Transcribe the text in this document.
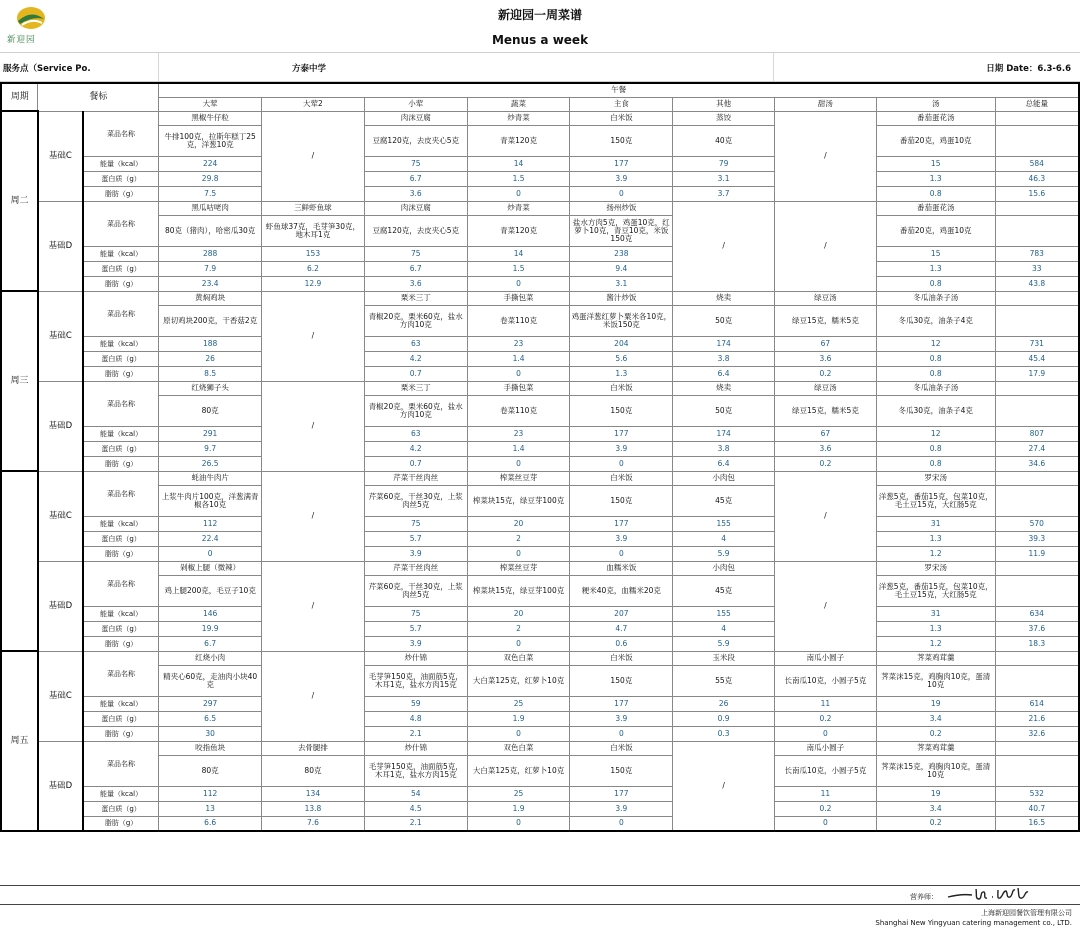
新迎园
新迎园一周菜谱
Menus a week
服务点（Service Po.	方泰中学	日期 Date：6.3-6.6
周期	餐标		午餐								
			大荤	大荤2	小荤	蔬菜	主食	其他	甜汤	汤	总能量
周二	基础C	菜品名称	黑椒牛仔粒	/	肉沫豆腐	炒青菜	白米饭	蒸饺	/	番茄蛋花汤	
			牛排100克，拉斯年糕丁25克，洋葱10克		豆腐120克，去皮夹心5克	青菜120克	150克	40克		番茄20克，鸡蛋10克	
		能量（kcal）	224		75	14	177	79		15	584
		蛋白质（g）	29.8		6.7	1.5	3.9	3.1		1.3	46.3
		脂肪（g）	7.5		3.6	0	0	3.7		0.8	15.6
	基础D	菜品名称	黑瓜咕咾肉	三鲜虾鱼球	肉沫豆腐	炒青菜	扬州炒饭	/	/	番茄蛋花汤	
			80克（猪肉），哈密瓜30克	虾鱼球37克，毛芽笋30克，地木耳1克	豆腐120克，去皮夹心5克	青菜120克	盐水方肉5克，鸡蛋10克，红萝卜10克，青豆10克，米饭150克			番茄20克，鸡蛋10克	
		能量（kcal）	288	153	75	14	238			15	783
		蛋白质（g）	7.9	6.2	6.7	1.5	9.4			1.3	33
		脂肪（g）	23.4	12.9	3.6	0	3.1			0.8	43.8
周三	基础C	菜品名称	黄焖鸡块	/	栗米三丁	手撕包菜	酱汁炒饭	烧卖	绿豆汤	冬瓜油条子汤	
			原切鸡块200克，干香菇2克		青椒20克，栗米60克，盐水方肉10克	卷菜110克	鸡蛋洋葱红萝卜粟米各10克，米饭150克	50克	绿豆15克，糯米5克	冬瓜30克，油条子4克	
		能量（kcal）	188		63	23	204	174	67	12	731
		蛋白质（g）	26		4.2	1.4	5.6	3.8	3.6	0.8	45.4
		脂肪（g）	8.5		0.7	0	1.3	6.4	0.2	0.8	17.9
	基础D	菜品名称	红烧狮子头	/	栗米三丁	手撕包菜	白米饭	烧卖	绿豆汤	冬瓜油条子汤	
			80克		青椒20克，栗米60克，盐水方肉10克	卷菜110克	150克	50克	绿豆15克，糯米5克	冬瓜30克，油条子4克	
		能量（kcal）	291		63	23	177	174	67	12	807
		蛋白质（g）	9.7		4.2	1.4	3.9	3.8	3.6	0.8	27.4
		脂肪（g）	26.5		0.7	0	0	6.4	0.2	0.8	34.6
	基础C	菜品名称	蚝油牛肉片	/	芹菜干丝肉丝	榨菜丝豆芽	白米饭	小肉包	/	罗宋汤	
			上浆牛肉片100克，洋葱满青椒各10克		芹菜60克，干丝30克，上浆肉丝5克	榨菜块15克，绿豆芽100克	150克	45克		洋葱5克，番茄15克，包菜10克，毛土豆15克，大红肠5克	
		能量（kcal）	112		75	20	177	155		31	570
		蛋白质（g）	22.4		5.7	2	3.9	4		1.3	39.3
		脂肪（g）	0		3.9	0	0	5.9		1.2	11.9
	基础D	菜品名称	剁椒上腿（微辣）	/	芹菜干丝肉丝	榨菜丝豆芽	血糯米饭	小肉包	/	罗宋汤	
			鸡上腿200克，毛豆子10克		芹菜60克，干丝30克，上浆肉丝5克	榨菜块15克，绿豆芽100克	粳米40克，血糯米20克	45克		洋葱5克，番茄15克，包菜10克，毛土豆15克，大红肠5克	
		能量（kcal）	146		75	20	207	155		31	634
		蛋白质（g）	19.9		5.7	2	4.7	4		1.3	37.6
		脂肪（g）	6.7		3.9	0	0.6	5.9		1.2	18.3
周五	基础C	菜品名称	红烧小肉	/	炒什锦	双色白菜	白米饭	玉米段	南瓜小圆子	荠菜鸡茸羹	
			精夹心60克，走油肉小块40克		毛芽笋150克，油面筋5克，木耳1克，盐水方肉15克	大白菜125克，红萝卜10克	150克	55克	长南瓜10克，小圆子5克	荠菜沫15克，鸡胸肉10克，蛋清10克	
		能量（kcal）	297		59	25	177	26	11	19	614
		蛋白质（g）	6.5		4.8	1.9	3.9	0.9	0.2	3.4	21.6
		脂肪（g）	30		2.1	0	0	0.3	0	0.2	32.6
	基础D	菜品名称	咬指鱼块	去骨腿排	炒什锦	双色白菜	白米饭	/	南瓜小圆子	荠菜鸡茸羹	
			80克	80克	毛芽笋150克，油面筋5克，木耳1克，盐水方肉15克	大白菜125克，红萝卜10克	150克		长南瓜10克，小圆子5克	荠菜沫15克，鸡胸肉10克，蛋清10克	
		能量（kcal）	112	134	54	25	177		11	19	532
		蛋白质（g）	13	13.8	4.5	1.9	3.9		0.2	3.4	40.7
		脂肪（g）	6.6	7.6	2.1	0	0		0	0.2	16.5
营养师：
上海新迎园餐饮管理有限公司
Shanghai New Yingyuan catering management co., LTD.
